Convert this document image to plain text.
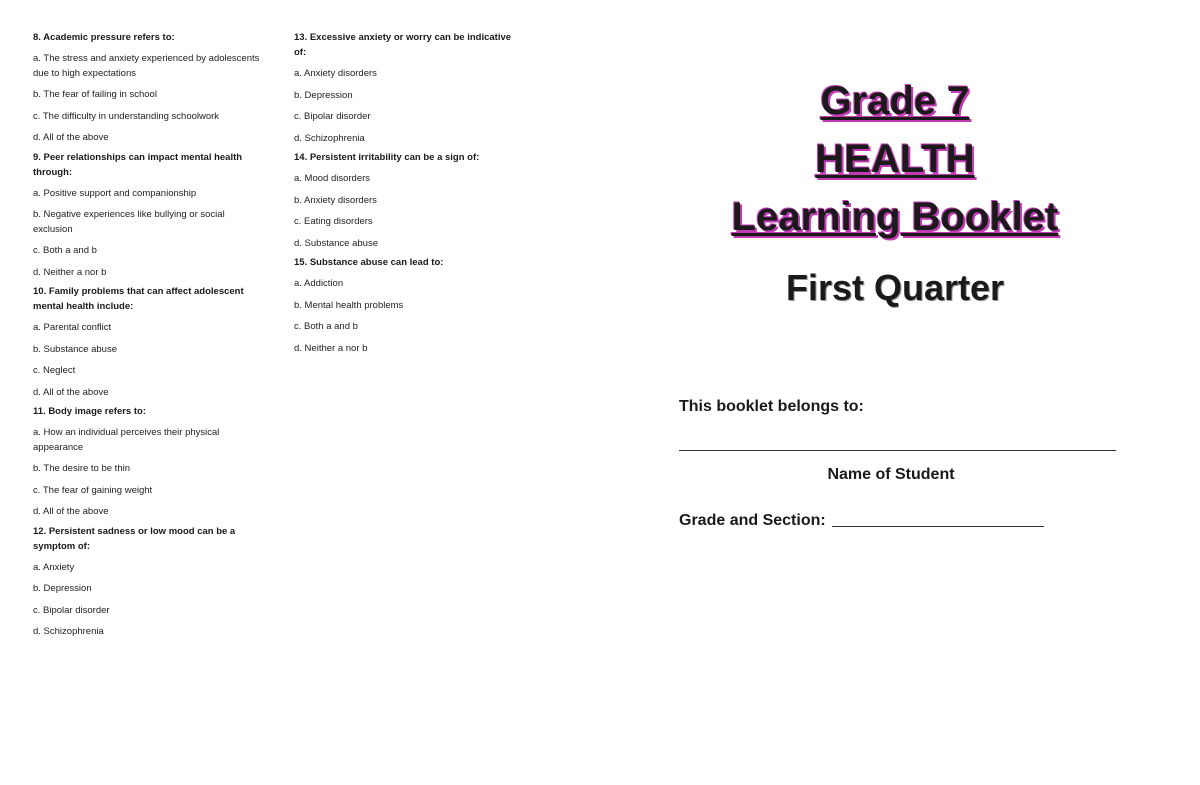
8. Academic pressure refers to:

a. The stress and anxiety experienced by adolescents due to high expectations

b. The fear of failing in school

c. The difficulty in understanding schoolwork

d. All of the above

9. Peer relationships can impact mental health through:

a. Positive support and companionship

b. Negative experiences like bullying or social exclusion

c. Both a and b

d. Neither a nor b

10. Family problems that can affect adolescent mental health include:

a. Parental conflict

b. Substance abuse

c. Neglect

d. All of the above

11. Body image refers to:

a. How an individual perceives their physical appearance

b. The desire to be thin

c. The fear of gaining weight

d. All of the above

12. Persistent sadness or low mood can be a symptom of:

a. Anxiety

b. Depression

c. Bipolar disorder

d. Schizophrenia

13. Excessive anxiety or worry can be indicative of:

a. Anxiety disorders

b. Depression

c. Bipolar disorder

d. Schizophrenia

14. Persistent irritability can be a sign of:

a. Mood disorders

b. Anxiety disorders

c. Eating disorders

d. Substance abuse

15. Substance abuse can lead to:

a. Addiction

b. Mental health problems

c. Both a and b

d. Neither a nor b

Grade 7
HEALTH
Learning Booklet
First Quarter
This booklet belongs to:
Name of Student
Grade and Section:
